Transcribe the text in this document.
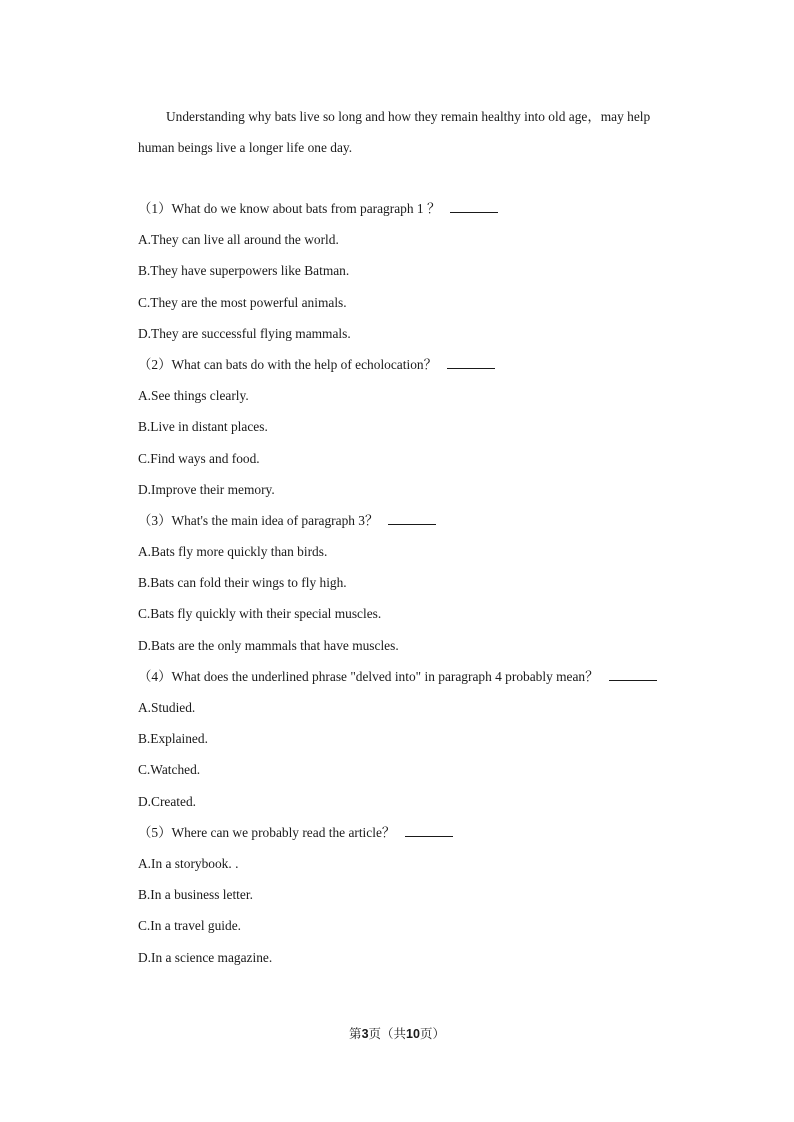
Understanding why bats live so long and how they remain healthy into old age，may help
human beings live a longer life one day.
（1）What do we know about bats from paragraph 1 ？
A.They can live all around the world.
B.They have superpowers like Batman.
C.They are the most powerful animals.
D.They are successful flying mammals.
（2）What can bats do with the help of echolocation？
A.See things clearly.
B.Live in distant places.
C.Find ways and food.
D.Improve their memory.
（3）What's the main idea of paragraph 3？
A.Bats fly more quickly than birds.
B.Bats can fold their wings to fly high.
C.Bats fly quickly with their special muscles.
D.Bats are the only mammals that have muscles.
（4）What does the underlined phrase "delved into" in paragraph 4 probably mean？
A.Studied.
B.Explained.
C.Watched.
D.Created.
（5）Where can we probably read the article？
A.In a storybook. .
B.In a business letter.
C.In a travel guide.
D.In a science magazine.
第3页（共10页）
